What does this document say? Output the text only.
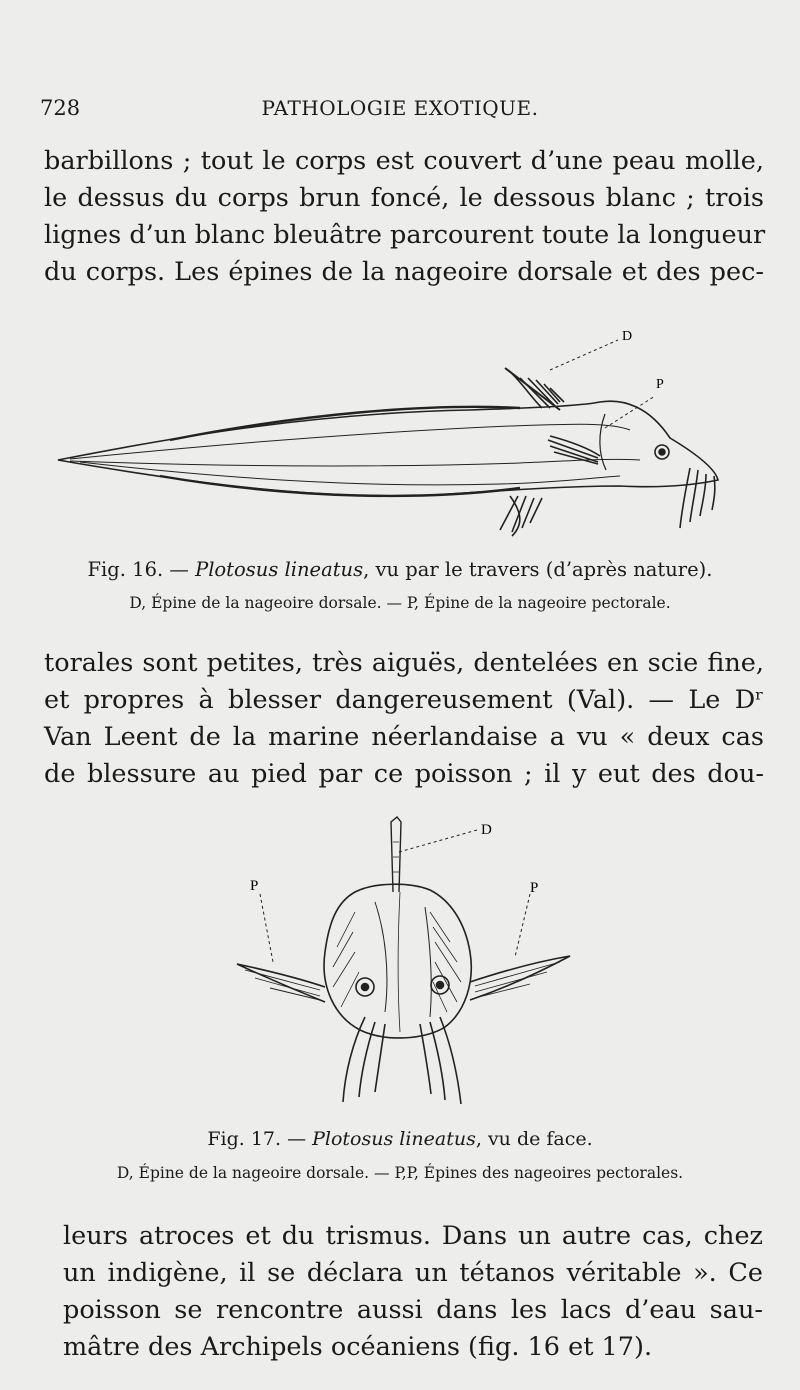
728	PATHOLOGIE EXOTIQUE.

barbillons ; tout le corps est couvert d’une peau molle,
le dessus du corps brun foncé, le dessous blanc ; trois
lignes d’un blanc bleuâtre parcourent toute la longueur
du corps. Les épines de la nageoire dorsale et des pec-

D
P
Fig. 16. — Plotosus lineatus, vu par le travers (d’après nature).
D, Épine de la nageoire dorsale. — P, Épine de la nageoire pectorale.

torales sont petites, très aiguës, dentelées en scie fine,
et propres à blesser dangereusement (Val). — Le Dʳ
Van Leent de la marine néerlandaise a vu « deux cas
de blessure au pied par ce poisson ; il y eut des dou-

D
P	P
Fig. 17. — Plotosus lineatus, vu de face.
D, Épine de la nageoire dorsale. — P,P, Épines des nageoires pectorales.

leurs atroces et du trismus. Dans un autre cas, chez
un indigène, il se déclara un tétanos véritable ». Ce
poisson se rencontre aussi dans les lacs d’eau sau-
mâtre des Archipels océaniens (fig. 16 et 17).
